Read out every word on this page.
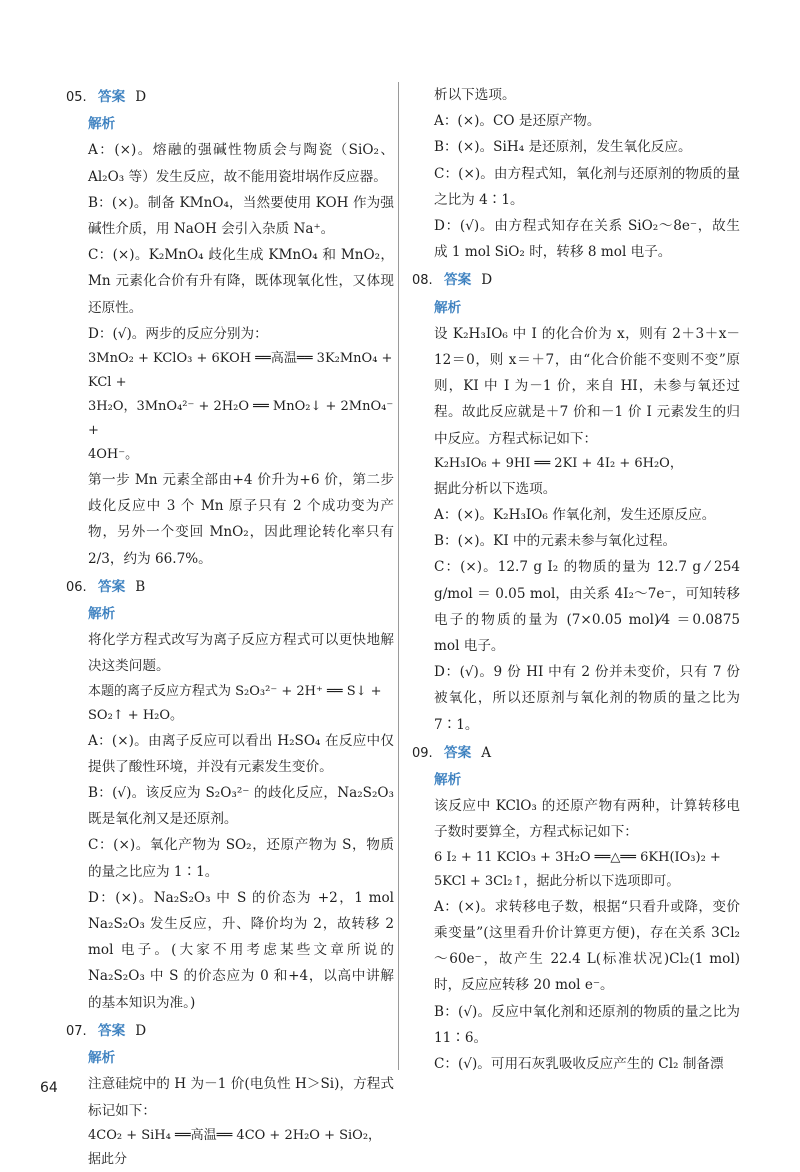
05. 答案 D
解析
A：(×)。熔融的强碱性物质会与陶瓷（SiO₂、Al₂O₃ 等）发生反应，故不能用瓷坩埚作反应器。
B：(×)。制备 KMnO₄，当然要使用 KOH 作为强碱性介质，用 NaOH 会引入杂质 Na⁺。
C：(×)。K₂MnO₄ 歧化生成 KMnO₄ 和 MnO₂，Mn 元素化合价有升有降，既体现氧化性，又体现还原性。
D：(√)。两步的反应分别为：
3MnO₂ + KClO₃ + 6KOH ══高温══ 3K₂MnO₄ + KCl +
3H₂O，3MnO₄²⁻ + 2H₂O ══ MnO₂↓ + 2MnO₄⁻ +
4OH⁻。
第一步 Mn 元素全部由+4 价升为+6 价，第二步歧化反应中 3 个 Mn 原子只有 2 个成功变为产物，另外一个变回 MnO₂，因此理论转化率只有 2/3，约为 66.7%。
06. 答案 B
解析
将化学方程式改写为离子反应方程式可以更快地解决这类问题。
本题的离子反应方程式为 S₂O₃²⁻ + 2H⁺ ══ S↓ +
SO₂↑ + H₂O。
A：(×)。由离子反应可以看出 H₂SO₄ 在反应中仅提供了酸性环境，并没有元素发生变价。
B：(√)。该反应为 S₂O₃²⁻ 的歧化反应，Na₂S₂O₃ 既是氧化剂又是还原剂。
C：(×)。氧化产物为 SO₂，还原产物为 S，物质的量之比应为 1∶1。
D：(×)。Na₂S₂O₃ 中 S 的价态为 +2，1 mol Na₂S₂O₃ 发生反应，升、降价均为 2，故转移 2 mol 电子。(大家不用考虑某些文章所说的 Na₂S₂O₃ 中 S 的价态应为 0 和+4，以高中讲解的基本知识为准。)
07. 答案 D
解析
注意硅烷中的 H 为－1 价(电负性 H＞Si)，方程式标记如下：
4CO₂ + SiH₄ ══高温══ 4CO + 2H₂O + SiO₂，据此分
析以下选项。
A：(×)。CO 是还原产物。
B：(×)。SiH₄ 是还原剂，发生氧化反应。
C：(×)。由方程式知，氧化剂与还原剂的物质的量之比为 4∶1。
D：(√)。由方程式知存在关系 SiO₂～8e⁻，故生成 1 mol SiO₂ 时，转移 8 mol 电子。
08. 答案 D
解析
设 K₂H₃IO₆ 中 I 的化合价为 x，则有 2＋3＋x－12＝0，则 x＝＋7，由“化合价能不变则不变”原则，KI 中 I 为－1 价，来自 HI，未参与氧还过程。故此反应就是＋7 价和－1 价 I 元素发生的归中反应。方程式标记如下：
K₂H₃IO₆ + 9HI ══ 2KI + 4I₂ + 6H₂O，
据此分析以下选项。
A：(×)。K₂H₃IO₆ 作氧化剂，发生还原反应。
B：(×)。KI 中的元素未参与氧化过程。
C：(×)。12.7 g I₂ 的物质的量为 12.7 g ⁄ 254 g/mol ＝ 0.05 mol，由关系 4I₂～7e⁻，可知转移电子的物质的量为 (7×0.05 mol)⁄4 ＝0.0875 mol 电子。
D：(√)。9 份 HI 中有 2 份并未变价，只有 7 份被氧化，所以还原剂与氧化剂的物质的量之比为 7∶1。
09. 答案 A
解析
该反应中 KClO₃ 的还原产物有两种，计算转移电子数时要算全，方程式标记如下：
6 I₂ + 11 KClO₃ + 3H₂O ══△══ 6KH(IO₃)₂ +
5KCl + 3Cl₂↑，据此分析以下选项即可。
A：(×)。求转移电子数，根据“只看升或降，变价乘变量”(这里看升价计算更方便)，存在关系 3Cl₂～60e⁻，故产生 22.4 L(标准状况)Cl₂(1 mol) 时，反应应转移 20 mol e⁻。
B：(√)。反应中氧化剂和还原剂的物质的量之比为 11∶6。
C：(√)。可用石灰乳吸收反应产生的 Cl₂ 制备漂
64
